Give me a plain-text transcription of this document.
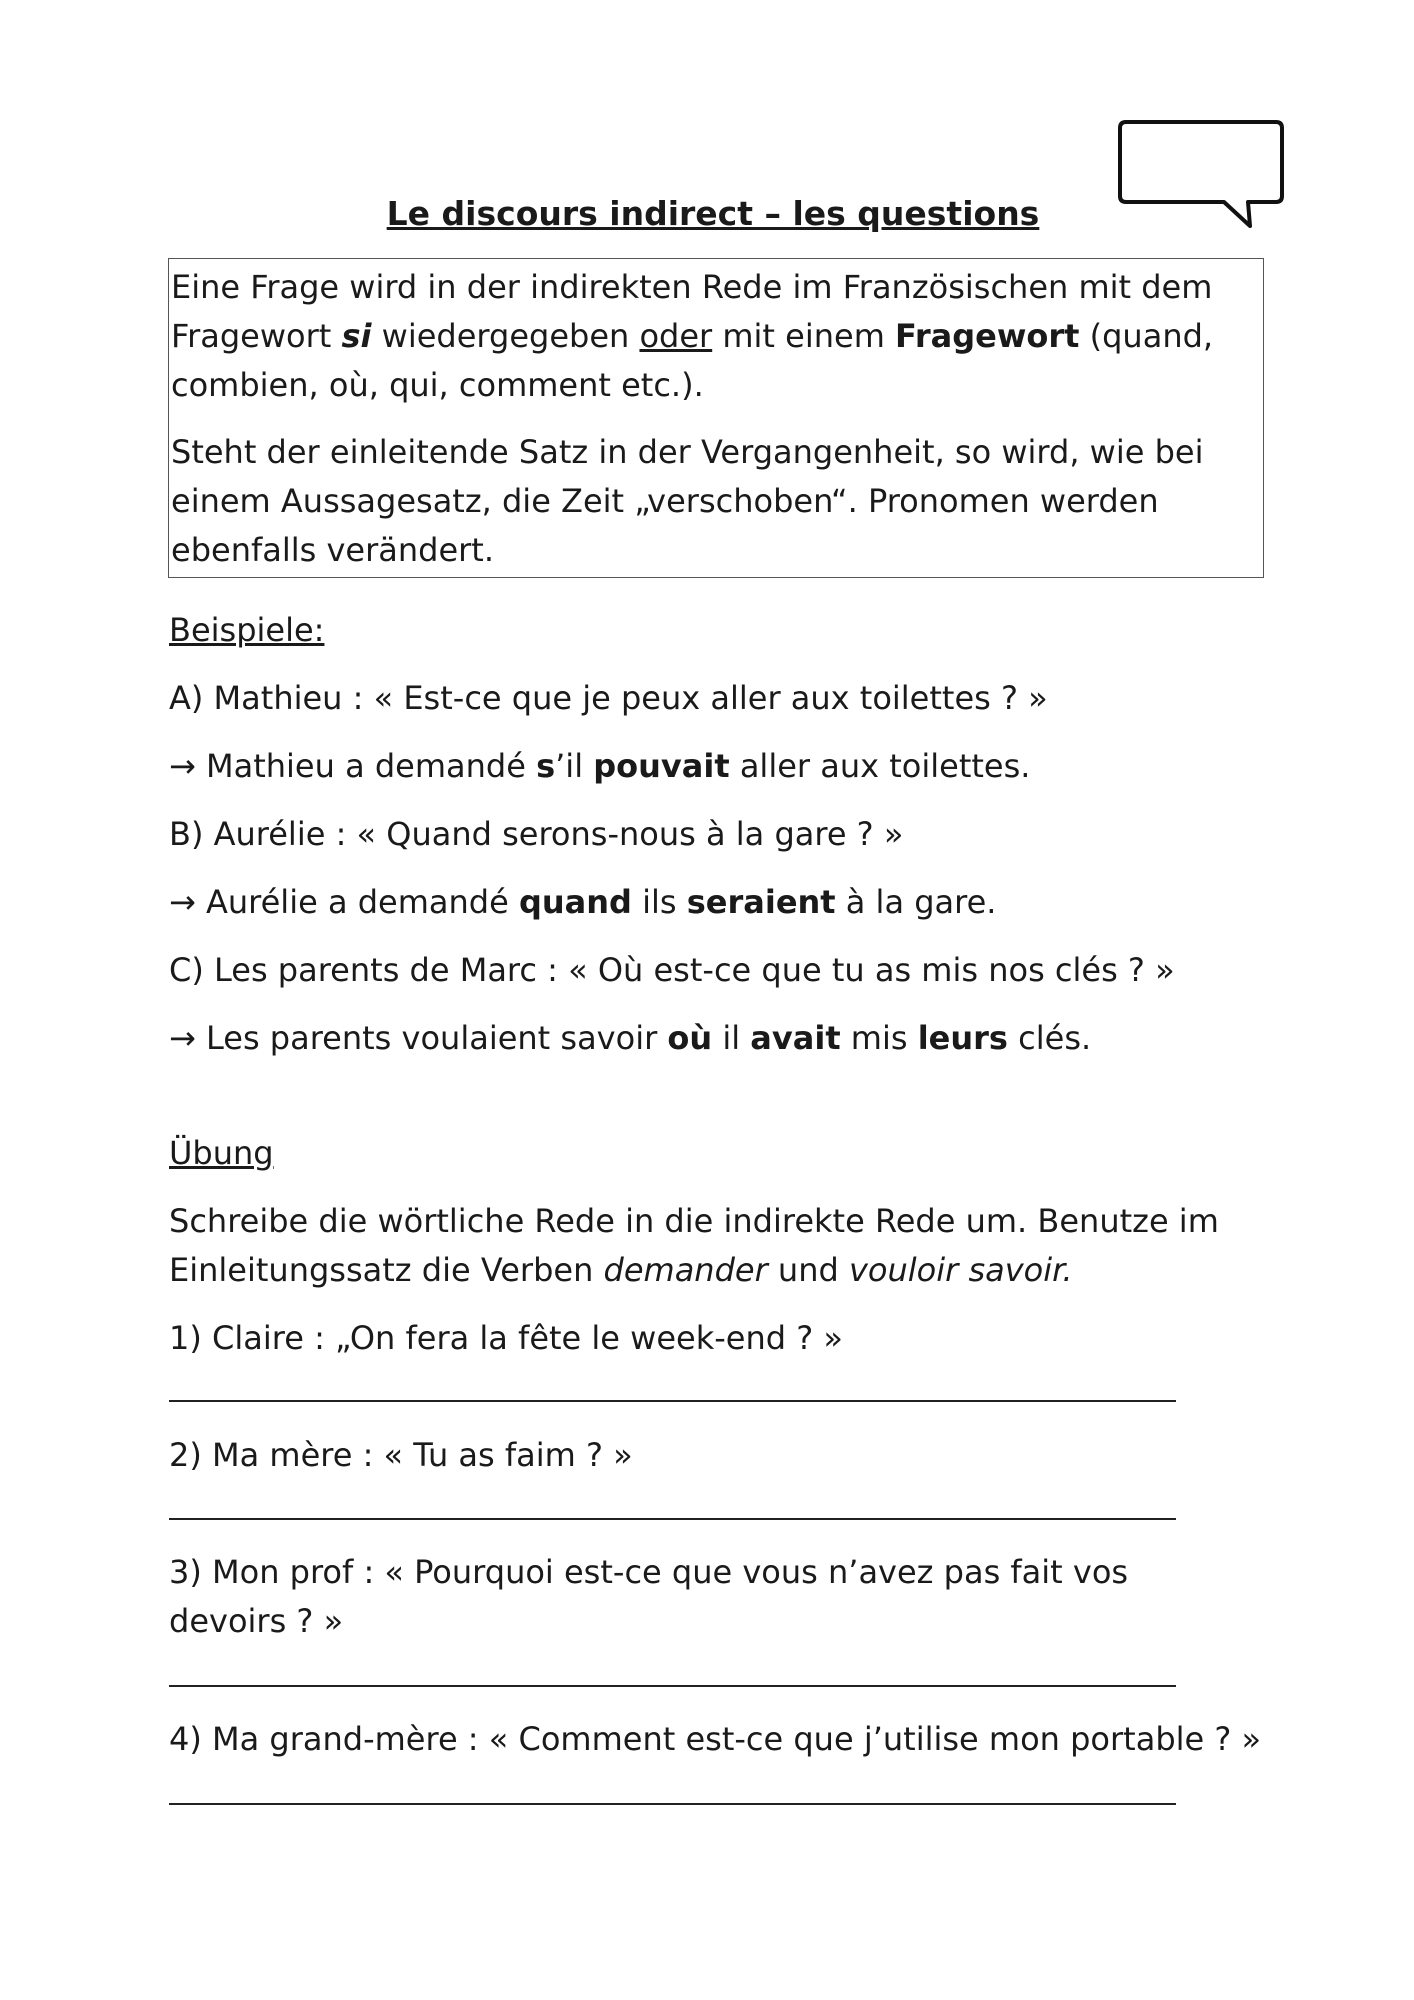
Le discours indirect – les questions

Eine Frage wird in der indirekten Rede im Französischen mit dem Fragewort si wiedergegeben oder mit einem Fragewort (quand, combien, où, qui, comment etc.).

Steht der einleitende Satz in der Vergangenheit, so wird, wie bei einem Aussagesatz, die Zeit „verschoben“. Pronomen werden ebenfalls verändert.

Beispiele:
A) Mathieu : « Est-ce que je peux aller aux toilettes ? »
→ Mathieu a demandé s’il pouvait aller aux toilettes.
B) Aurélie : « Quand serons-nous à la gare ? »
→ Aurélie a demandé quand ils seraient à la gare.
C) Les parents de Marc : « Où est-ce que tu as mis nos clés ? »
→ Les parents voulaient savoir où il avait mis leurs clés.
Übung
Schreibe die wörtliche Rede in die indirekte Rede um. Benutze im
Einleitungssatz die Verben demander und vouloir savoir.
1) Claire : „On fera la fête le week-end ? »
2) Ma mère : « Tu as faim ? »
3) Mon prof : « Pourquoi est-ce que vous n’avez pas fait vos
devoirs ? »
4) Ma grand-mère : « Comment est-ce que j’utilise mon portable ? »
